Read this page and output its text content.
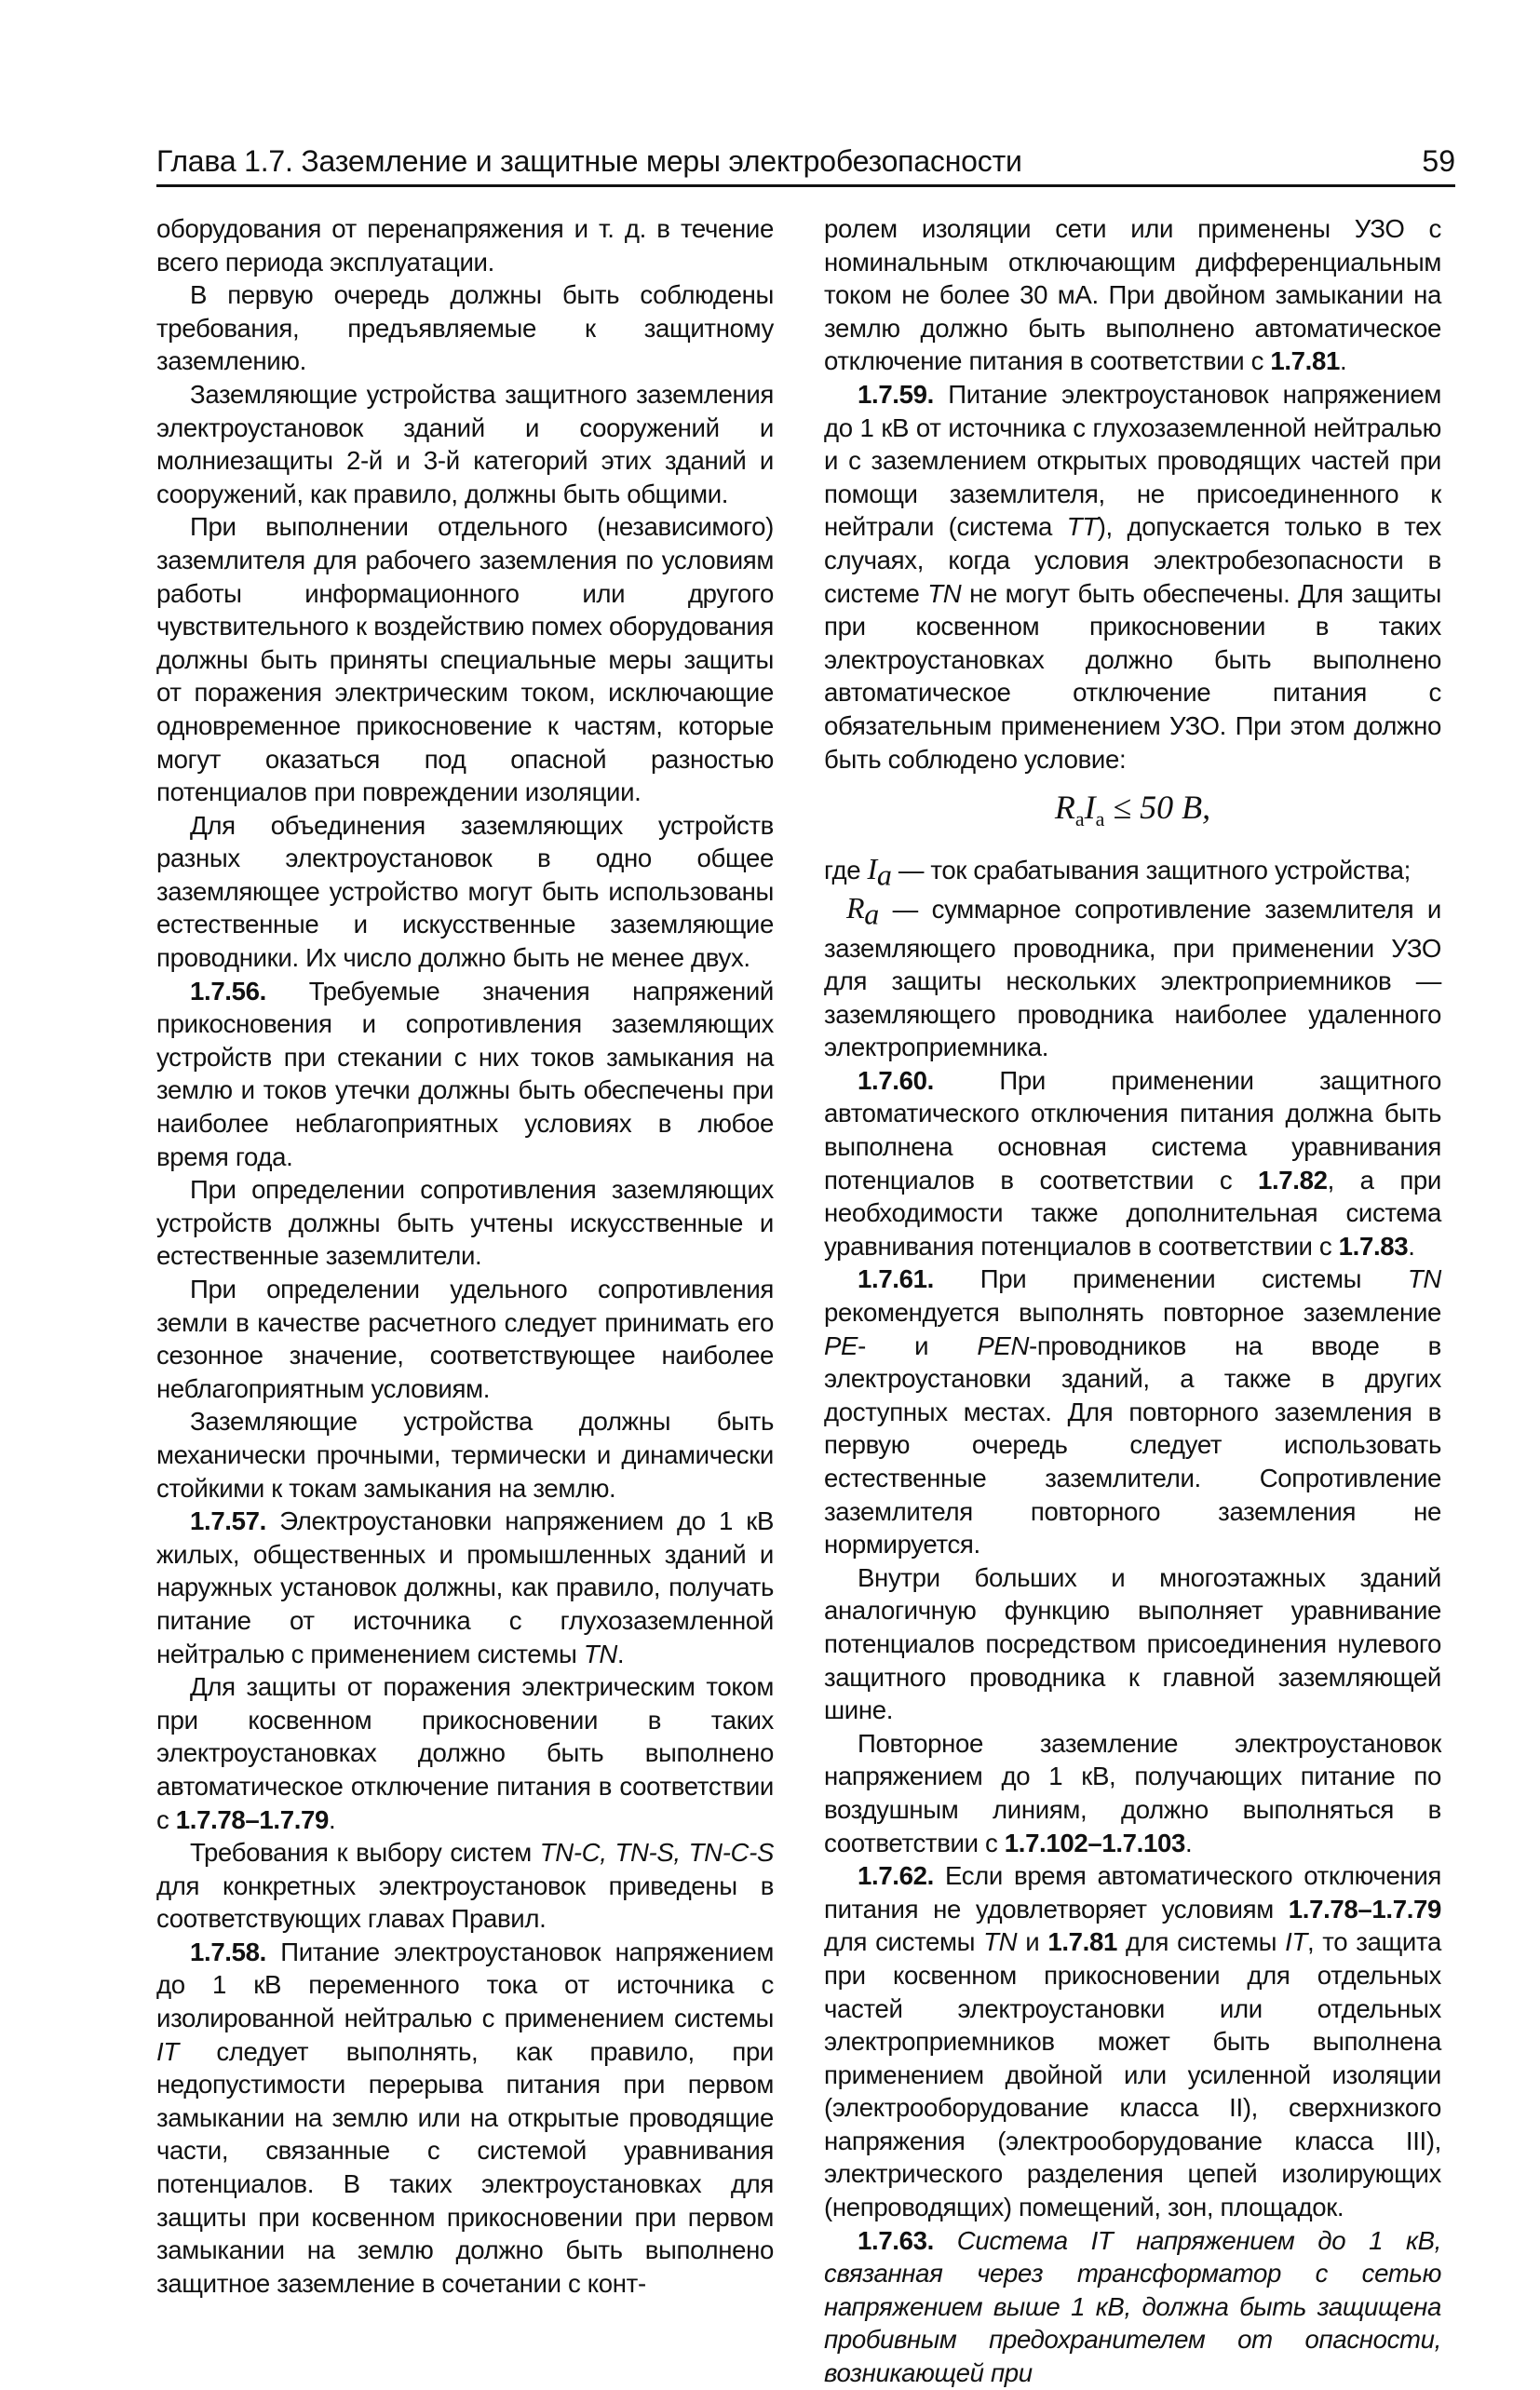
Глава 1.7. Заземление и защитные меры электробезопасности	59

оборудования от перенапряжения и т. д. в течение всего периода эксплуатации.

В первую очередь должны быть соблюдены требования, предъявляемые к защитному заземлению.

Заземляющие устройства защитного заземления электроустановок зданий и сооружений и молниезащиты 2-й и 3-й категорий этих зданий и сооружений, как правило, должны быть общими.

При выполнении отдельного (независимого) заземлителя для рабочего заземления по условиям работы информационного или другого чувствительного к воздействию помех оборудования должны быть приняты специальные меры защиты от поражения электрическим током, исключающие одновременное прикосновение к частям, которые могут оказаться под опасной разностью потенциалов при повреждении изоляции.

Для объединения заземляющих устройств разных электроустановок в одно общее заземляющее устройство могут быть использованы естественные и искусственные заземляющие проводники. Их число должно быть не менее двух.

1.7.56. Требуемые значения напряжений прикосновения и сопротивления заземляющих устройств при стекании с них токов замыкания на землю и токов утечки должны быть обеспечены при наиболее неблагоприятных условиях в любое время года.

При определении сопротивления заземляющих устройств должны быть учтены искусственные и естественные заземлители.

При определении удельного сопротивления земли в качестве расчетного следует принимать его сезонное значение, соответствующее наиболее неблагоприятным условиям.

Заземляющие устройства должны быть механически прочными, термически и динамически стойкими к токам замыкания на землю.

1.7.57. Электроустановки напряжением до 1 кВ жилых, общественных и промышленных зданий и наружных установок должны, как правило, получать питание от источника с глухозаземленной нейтралью с применением системы TN.

Для защиты от поражения электрическим током при косвенном прикосновении в таких электроустановках должно быть выполнено автоматическое отключение питания в соответствии с 1.7.78–1.7.79.

Требования к выбору систем TN-C, TN-S, TN-C-S для конкретных электроустановок приведены в соответствующих главах Правил.

1.7.58. Питание электроустановок напряжением до 1 кВ переменного тока от источника с изолированной нейтралью с применением системы IT следует выполнять, как правило, при недопустимости перерыва питания при первом замыкании на землю или на открытые проводящие части, связанные с системой уравнивания потенциалов. В таких электроустановках для защиты при косвенном прикосновении при первом замыкании на землю должно быть выполнено защитное заземление в сочетании с конт-

ролем изоляции сети или применены УЗО с номинальным отключающим дифференциальным током не более 30 мА. При двойном замыкании на землю должно быть выполнено автоматическое отключение питания в соответствии с 1.7.81.

1.7.59. Питание электроустановок напряжением до 1 кВ от источника с глухозаземленной нейтралью и с заземлением открытых проводящих частей при помощи заземлителя, не присоединенного к нейтрали (система TT), допускается только в тех случаях, когда условия электробезопасности в системе TN не могут быть обеспечены. Для защиты при косвенном прикосновении в таких электроустановках должно быть выполнено автоматическое отключение питания с обязательным применением УЗО. При этом должно быть соблюдено условие:

$R_aI_a \le 50$ В,

где $I_а$ — ток срабатывания защитного устройства;

$R_а$ — суммарное сопротивление заземлителя и заземляющего проводника, при применении УЗО для защиты нескольких электроприемников — заземляющего проводника наиболее удаленного электроприемника.

1.7.60. При применении защитного автоматического отключения питания должна быть выполнена основная система уравнивания потенциалов в соответствии с 1.7.82, а при необходимости также дополнительная система уравнивания потенциалов в соответствии с 1.7.83.

1.7.61. При применении системы TN рекомендуется выполнять повторное заземление PE- и PEN-проводников на вводе в электроустановки зданий, а также в других доступных местах. Для повторного заземления в первую очередь следует использовать естественные заземлители. Сопротивление заземлителя повторного заземления не нормируется.

Внутри больших и многоэтажных зданий аналогичную функцию выполняет уравнивание потенциалов посредством присоединения нулевого защитного проводника к главной заземляющей шине.

Повторное заземление электроустановок напряжением до 1 кВ, получающих питание по воздушным линиям, должно выполняться в соответствии с 1.7.102–1.7.103.

1.7.62. Если время автоматического отключения питания не удовлетворяет условиям 1.7.78–1.7.79 для системы TN и 1.7.81 для системы IT, то защита при косвенном прикосновении для отдельных частей электроустановки или отдельных электроприемников может быть выполнена применением двойной или усиленной изоляции (электрооборудование класса II), сверхнизкого напряжения (электрооборудование класса III), электрического разделения цепей изолирующих (непроводящих) помещений, зон, площадок.

1.7.63. Система IT напряжением до 1 кВ, связанная через трансформатор с сетью напряжением выше 1 кВ, должна быть защищена пробивным предохранителем от опасности, возникающей при
